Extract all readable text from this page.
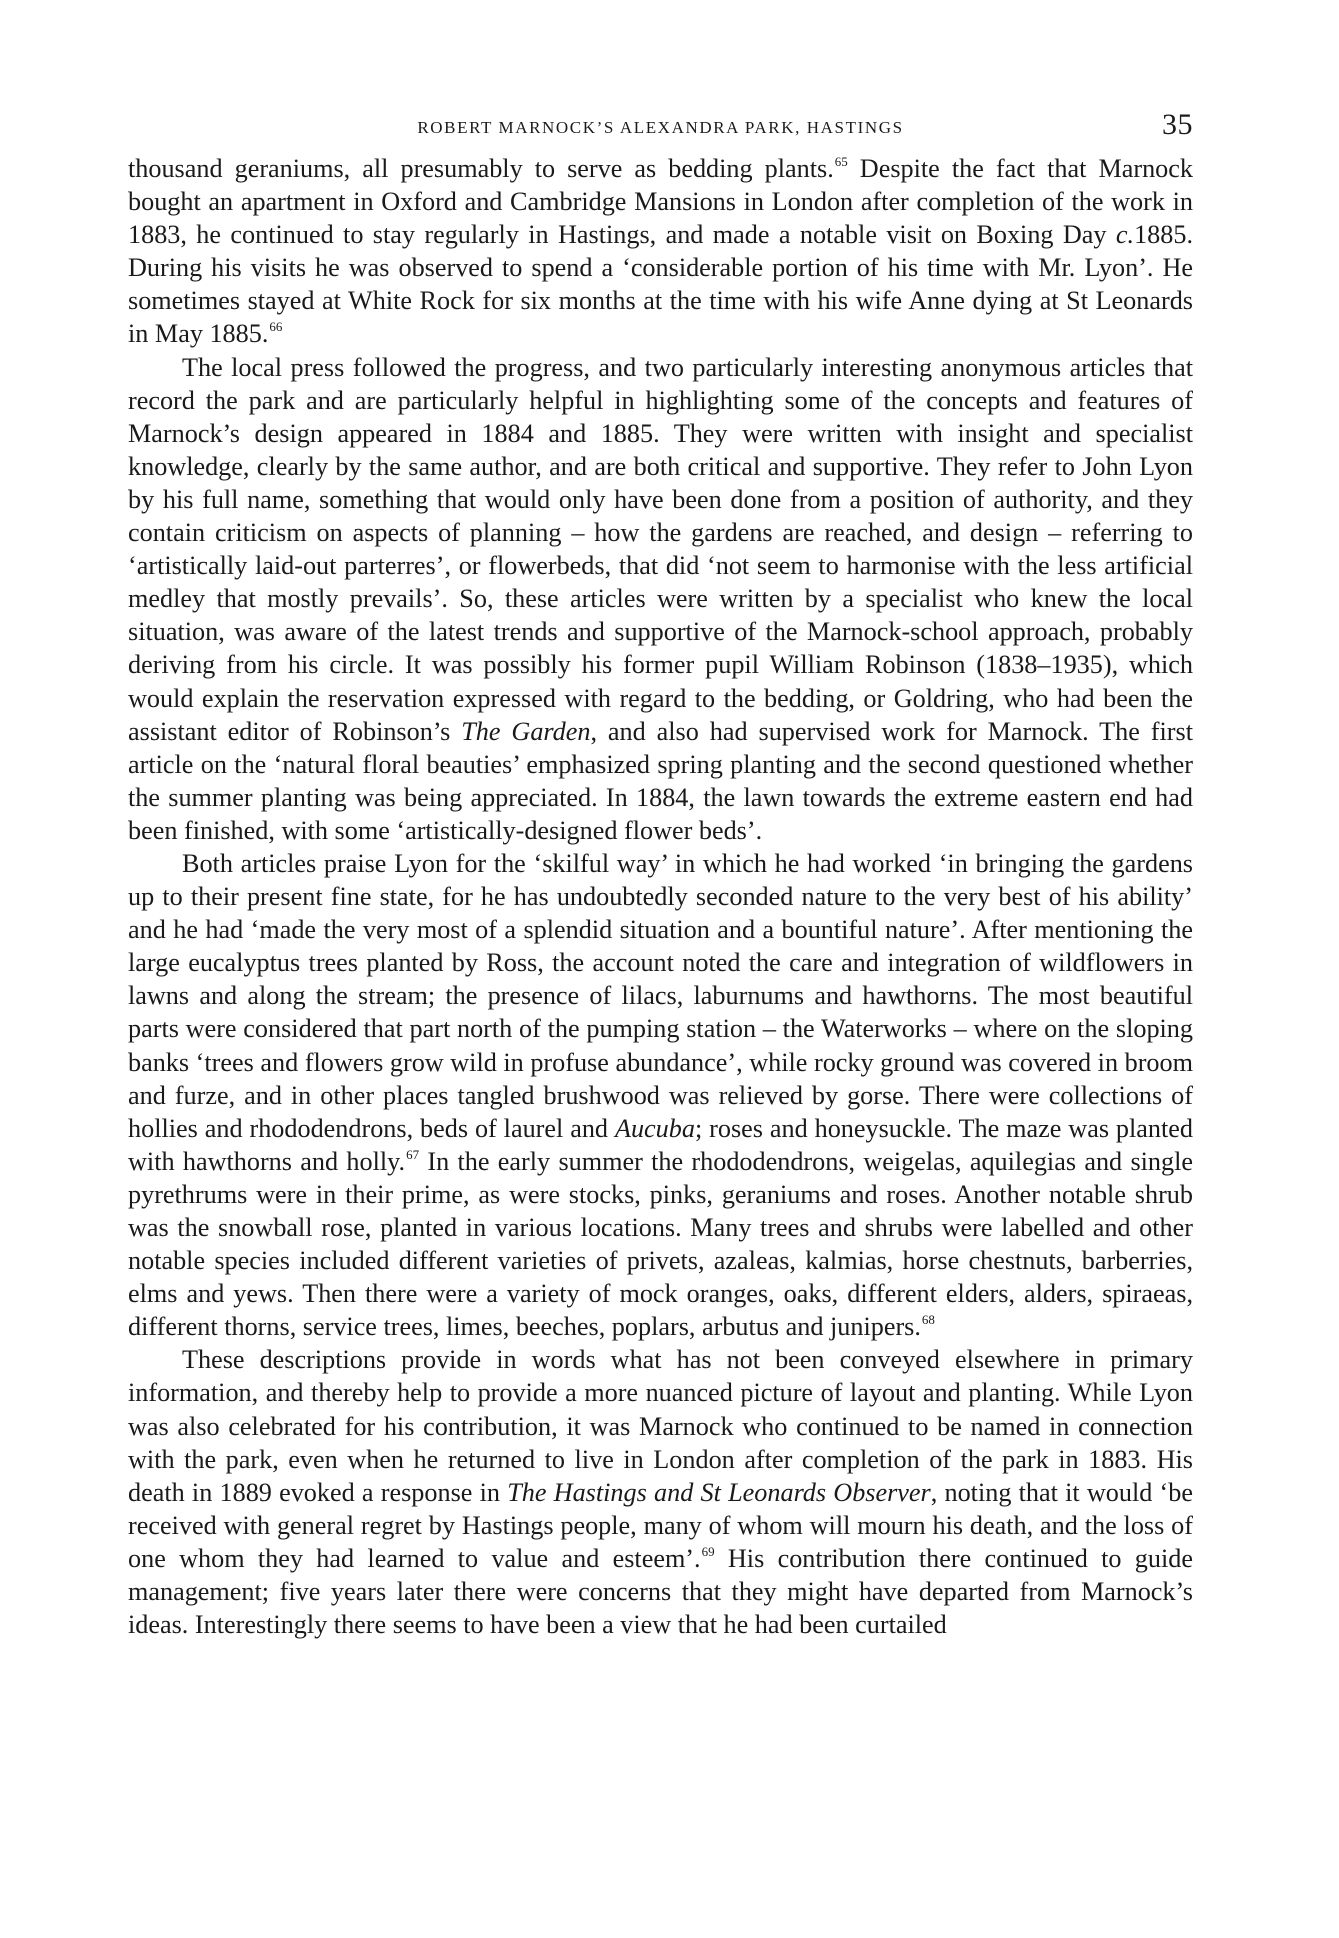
ROBERT MARNOCK’S ALEXANDRA PARK, HASTINGS	35

thousand geraniums, all presumably to serve as bedding plants.$^{65}$ Despite the fact that Marnock bought an apartment in Oxford and Cambridge Mansions in London after completion of the work in 1883, he continued to stay regularly in Hastings, and made a notable visit on Boxing Day c.1885. During his visits he was observed to spend a ‘considerable portion of his time with Mr. Lyon’. He sometimes stayed at White Rock for six months at the time with his wife Anne dying at St Leonards in May 1885.66

The local press followed the progress, and two particularly interesting anonymous articles that record the park and are particularly helpful in highlighting some of the concepts and features of Marnock’s design appeared in 1884 and 1885. They were written with insight and specialist knowledge, clearly by the same author, and are both critical and supportive. They refer to John Lyon by his full name, something that would only have been done from a position of authority, and they contain criticism on aspects of planning – how the gardens are reached, and design – referring to ‘artistically laid-out parterres’, or flowerbeds, that did ‘not seem to harmonise with the less artificial medley that mostly prevails’. So, these articles were written by a specialist who knew the local situation, was aware of the latest trends and supportive of the Marnock-school approach, probably deriving from his circle. It was possibly his former pupil William Robinson (1838–1935), which would explain the reservation expressed with regard to the bedding, or Goldring, who had been the assistant editor of Robinson’s The Garden, and also had supervised work for Marnock. The first article on the ‘natural floral beauties’ emphasized spring planting and the second questioned whether the summer planting was being appreciated. In 1884, the lawn towards the extreme eastern end had been finished, with some ‘artistically-designed flower beds’.

Both articles praise Lyon for the ‘skilful way’ in which he had worked ‘in bringing the gardens up to their present fine state, for he has undoubtedly seconded nature to the very best of his ability’ and he had ‘made the very most of a splendid situation and a bountiful nature’. After mentioning the large eucalyptus trees planted by Ross, the account noted the care and integration of wildflowers in lawns and along the stream; the presence of lilacs, laburnums and hawthorns. The most beautiful parts were considered that part north of the pumping station – the Waterworks – where on the sloping banks ‘trees and flowers grow wild in profuse abundance’, while rocky ground was covered in broom and furze, and in other places tangled brushwood was relieved by gorse. There were collections of hollies and rhododendrons, beds of laurel and Aucuba; roses and honeysuckle. The maze was planted with hawthorns and holly.$^{67}$ In the early summer the rhododendrons, weigelas, aquilegias and single pyrethrums were in their prime, as were stocks, pinks, geraniums and roses. Another notable shrub was the snowball rose, planted in various locations. Many trees and shrubs were labelled and other notable species included different varieties of privets, azaleas, kalmias, horse chestnuts, barberries, elms and yews. Then there were a variety of mock oranges, oaks, different elders, alders, spiraeas, different thorns, service trees, limes, beeches, poplars, arbutus and junipers.$^{68}$

These descriptions provide in words what has not been conveyed elsewhere in primary information, and thereby help to provide a more nuanced picture of layout and planting. While Lyon was also celebrated for his contribution, it was Marnock who continued to be named in connection with the park, even when he returned to live in London after completion of the park in 1883. His death in 1889 evoked a response in The Hastings and St Leonards Observer, noting that it would ‘be received with general regret by Hastings people, many of whom will mourn his death, and the loss of one whom they had learned to value and esteem’.$^{69}$ His contribution there continued to guide management; five years later there were concerns that they might have departed from Marnock’s ideas. Interestingly there seems to have been a view that he had been curtailed
